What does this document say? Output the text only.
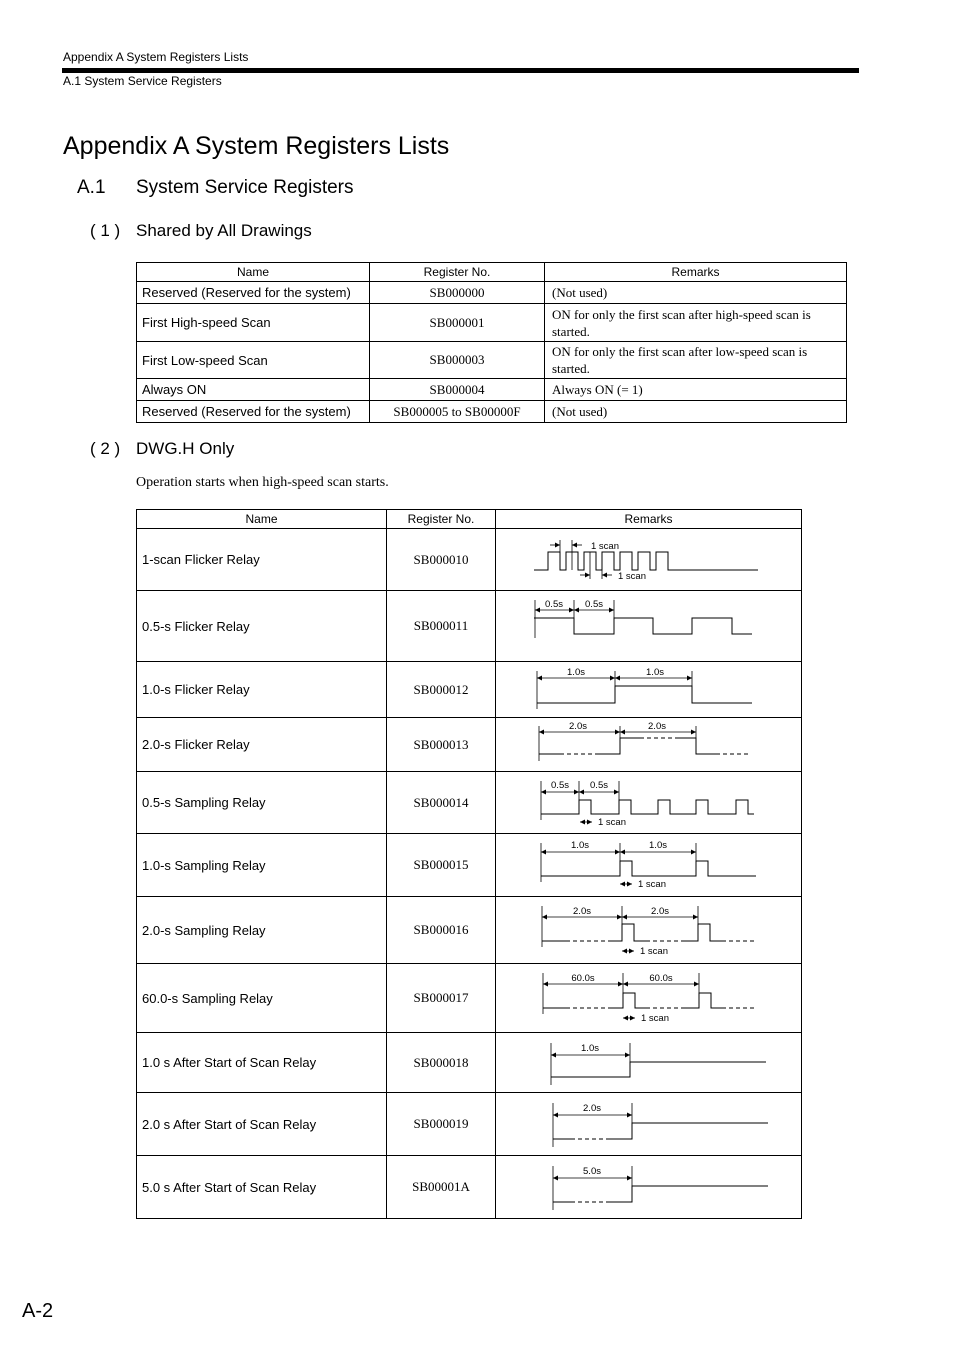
Appendix A System Registers Lists
A.1 System Service Registers
Appendix A System Registers Lists
A.1 System Service Registers
( 1 ) Shared by All Drawings
Name	Register No.	Remarks
Reserved (Reserved for the system)	SB000000	(Not used)
First High-speed Scan	SB000001	ON for only the first scan after high-speed scan is started.
First Low-speed Scan	SB000003	ON for only the first scan after low-speed scan is started.
Always ON	SB000004	Always ON (= 1)
Reserved (Reserved for the system)	SB000005 to SB00000F	(Not used)
( 2 ) DWG.H Only
Operation starts when high-speed scan starts.
Name	Register No.	Remarks
1-scan Flicker Relay	SB000010	1 scan
1 scan

0.5-s Flicker Relay	SB000011	0.5s 0.5s

1.0-s Flicker Relay	SB000012	1.0s 1.0s

2.0-s Flicker Relay	SB000013	2.0s 2.0s

0.5-s Sampling Relay	SB000014	0.5s 0.5s
1 scan

1.0-s Sampling Relay	SB000015	1.0s 1.0s
1 scan

2.0-s Sampling Relay	SB000016	2.0s 2.0s
1 scan

60.0-s Sampling Relay	SB000017	60.0s 60.0s
1 scan

1.0 s After Start of Scan Relay	SB000018	1.0s

2.0 s After Start of Scan Relay	SB000019	2.0s

5.0 s After Start of Scan Relay	SB00001A	5.0s
A-2
